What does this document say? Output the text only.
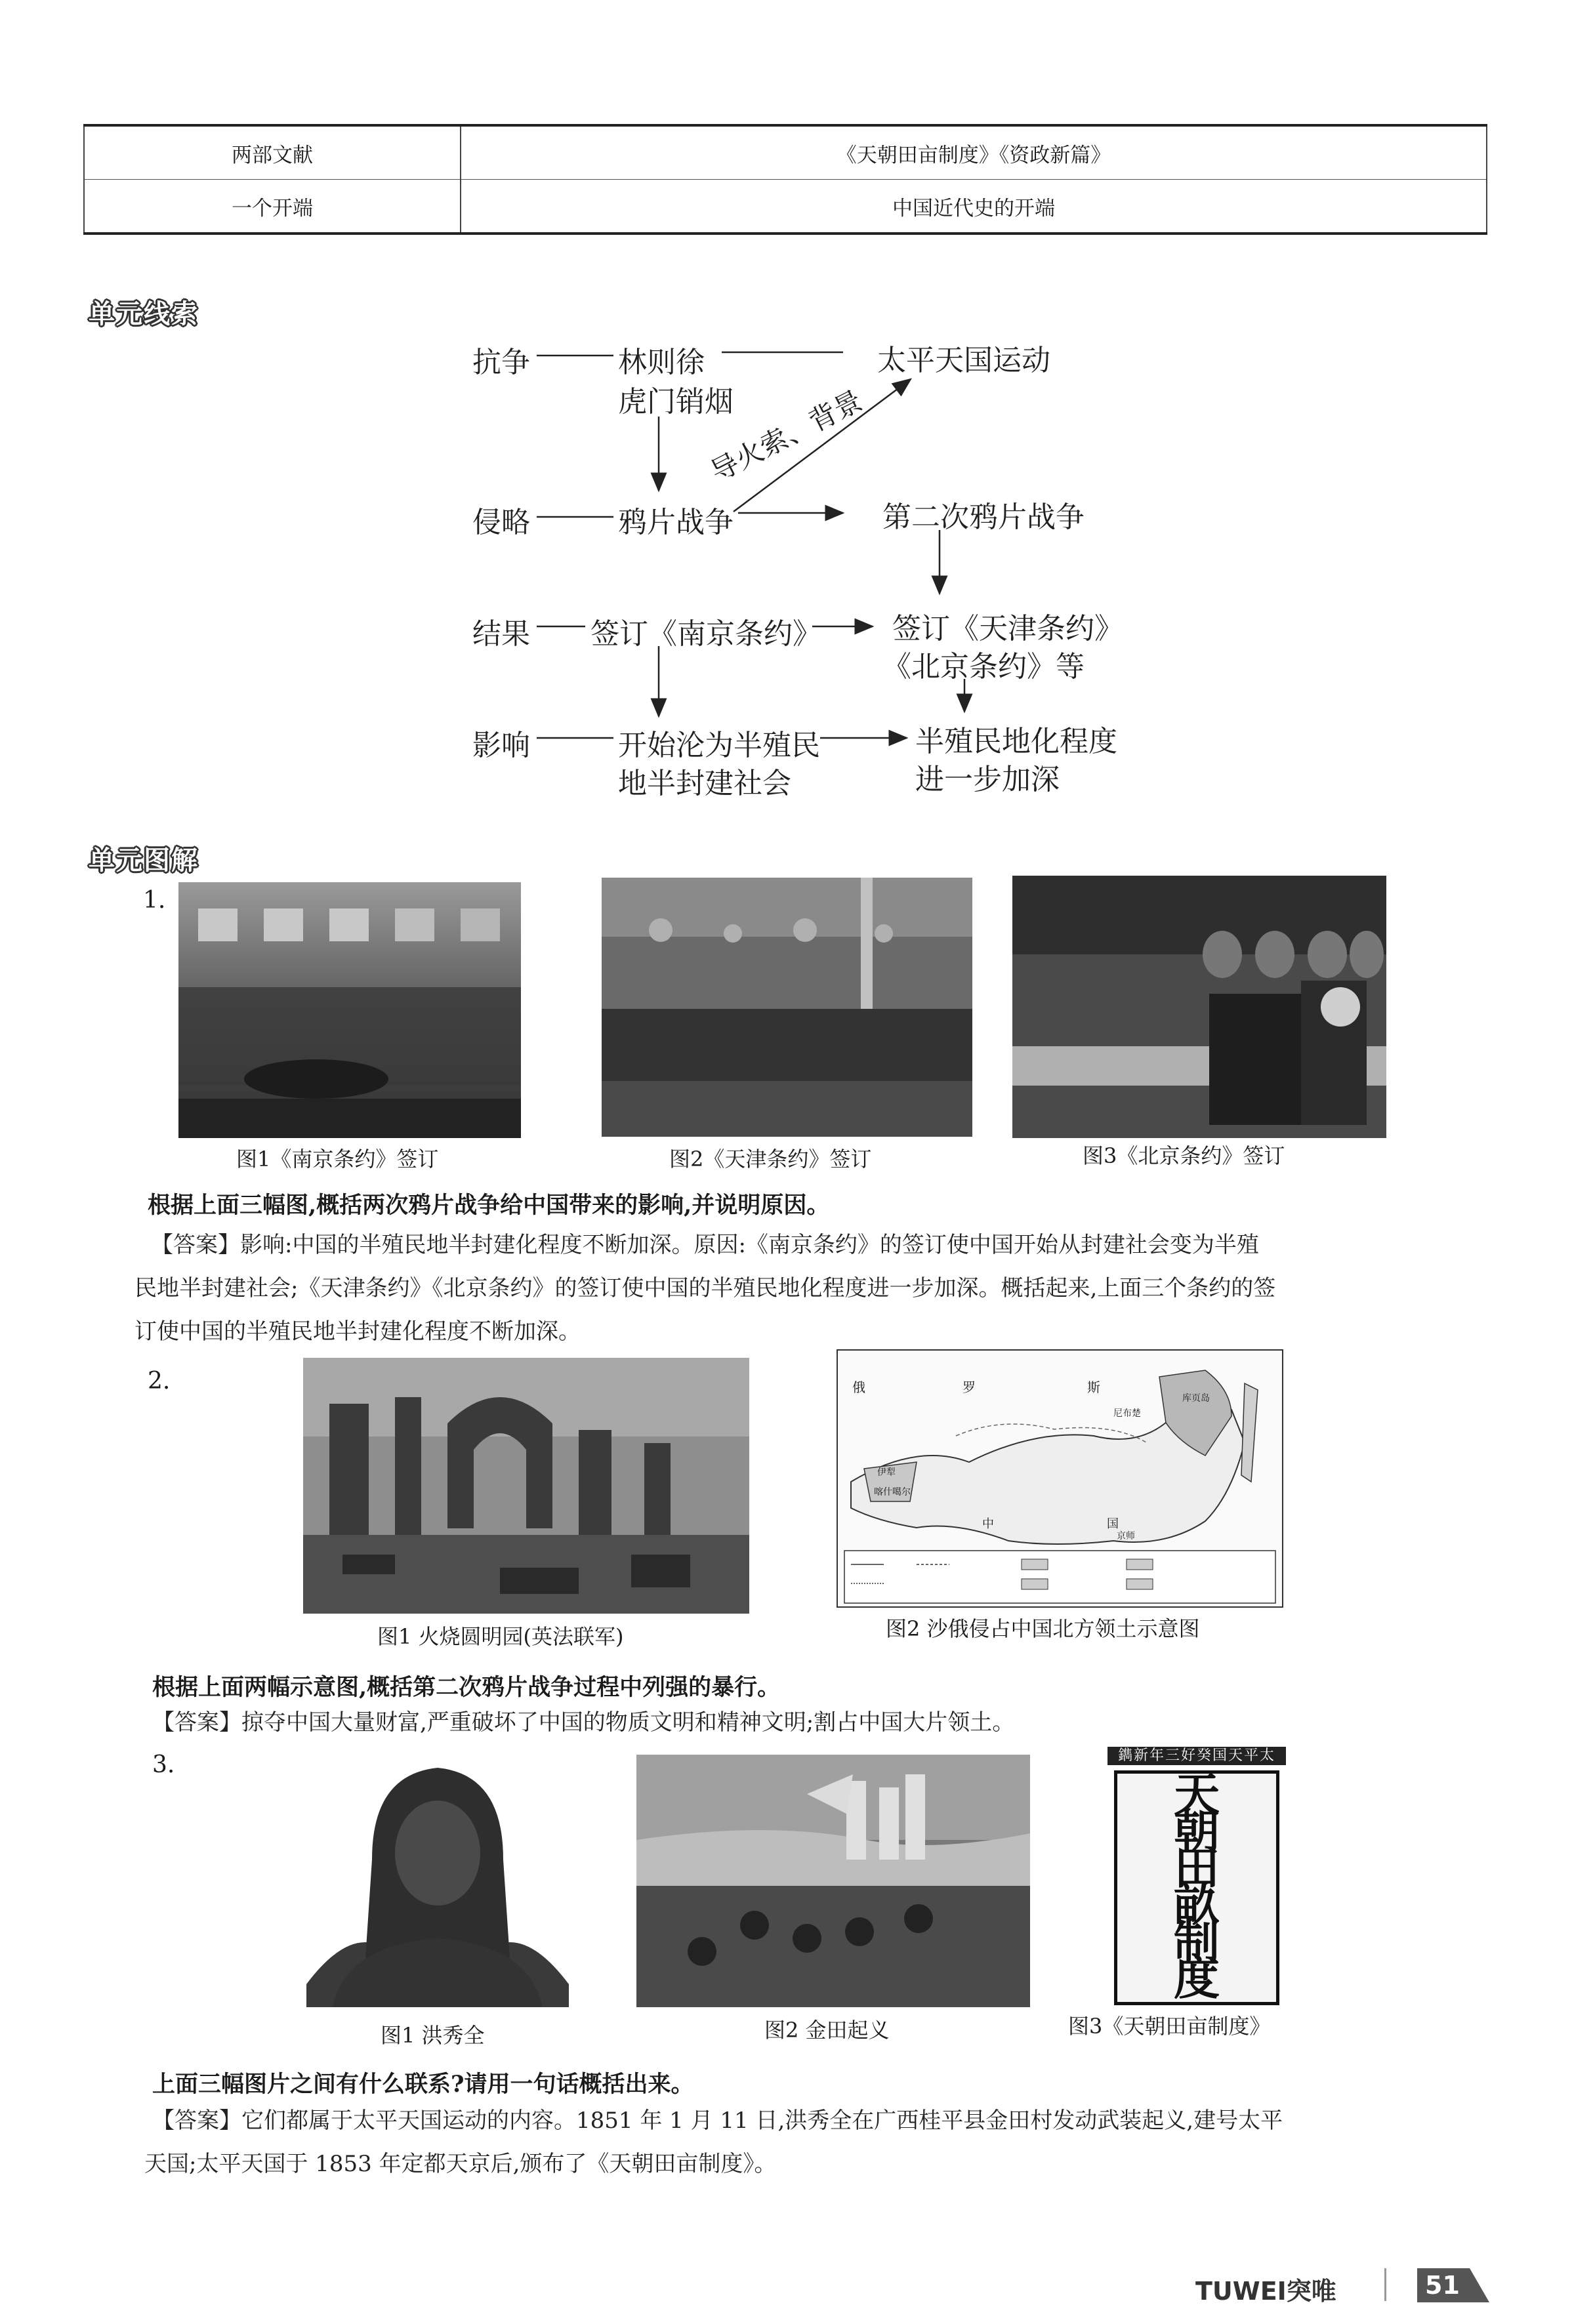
两部文献	《天朝田亩制度》《资政新篇》
一个开端	中国近代史的开端
单元线索
抗争	林则徐
虎门销烟
太平天国运动
侵略	鸦片战争	第二次鸦片战争
导火索、背景
结果 签订《南京条约》 签订《天津条约》
《北京条约》等
影响	开始沦为半殖民
地半封建社会
半殖民地化程度
进一步加深
单元图解
1.
图1《南京条约》签订	图2《天津条约》签订	图3《北京条约》签订
根据上面三幅图,概括两次鸦片战争给中国带来的影响,并说明原因。
【答案】影响:中国的半殖民地半封建化程度不断加深。原因:《南京条约》的签订使中国开始从封建社会变为半殖
民地半封建社会;《天津条约》《北京条约》的签订使中国的半殖民地化程度进一步加深。概括起来,上面三个条约的签
订使中国的半殖民地半封建化程度不断加深。
2.	俄	罗	斯
尼布楚
库页岛
伊犁
喀什噶尔
中	国
京师
图1 火烧圆明园(英法联军)	图2 沙俄侵占中国北方领土示意图
根据上面两幅示意图,概括第二次鸦片战争过程中列强的暴行。
【答案】掠夺中国大量财富,严重破坏了中国的物质文明和精神文明;割占中国大片领土。
3.	太平天国癸好三年新鐫
天朝田畝制度
图1 洪秀全	图2 金田起义	图3《天朝田亩制度》
上面三幅图片之间有什么联系?请用一句话概括出来。
【答案】它们都属于太平天国运动的内容。1851 年 1 月 11 日,洪秀全在广西桂平县金田村发动武装起义,建号太平
天国;太平天国于 1853 年定都天京后,颁布了《天朝田亩制度》。
TUWEI突唯	51
